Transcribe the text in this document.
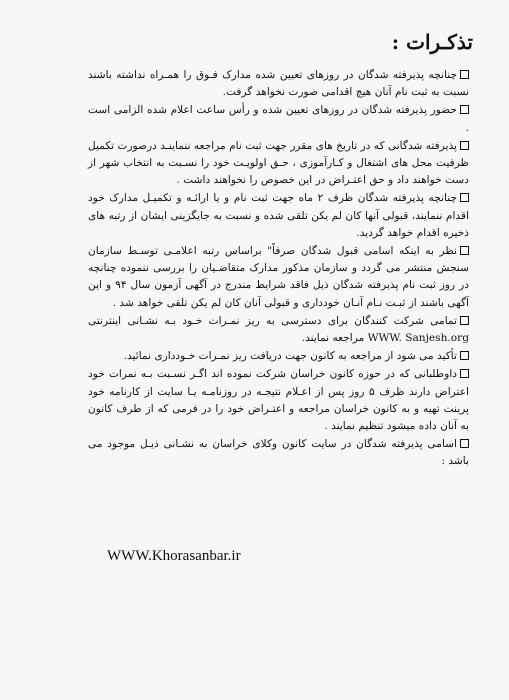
تذکـرات :

چنانچه پذیرفته شدگان در روزهای تعیین شده مدارک فـوق را همـراه نداشته باشند نسبت به ثبت نام آنان هیچ اقدامی صورت نخواهد گرفت.

حضور پذیرفته شدگان در روزهای تعیین شده و رأس ساعت اعلام شده الزامی است .

پذیرفته شدگانی که در تاریخ های مقرر جهت ثبت نام مراجعه ننماینـد درصورت تکمیل ظرفیت محل های اشتغال و کـارآموزی ، حـق اولویـت خود را نسـبت به انتخاب شهر از دست خواهند داد و حق اعتـراض در این خصوص را نخواهند داشت .

چنانچه پذیرفته شدگان ظرف ۲ ماه جهت ثبت نام و یا ارائـه و تکمیـل مدارک خود اقدام ننمایند، قبولی آنها کان لم یکن تلقی شده و نسبت به جایگزینی ایشان از رتبه های ذخیره اقدام خواهد گردید.

نظر به اینکه اسامی قبول شدگان صرفاً" براساس رتبه اعلامـی توسـط سازمان سنجش منتشر می گردد و سازمان مذکور مدارک متقاضـیان را بررسی ننموده چنانچه در روز ثبت نام پذیرفته شدگان ذیل فاقد شرایط مندرج در آگهی آزمون سال ۹۴ و این آگهی باشند از ثبـت نـام آنـان خودداری و قبولی آنان کان لم یکن تلقی خواهد شد .

تمامی شرکت کنندگان برای دسترسی به ریز نمـرات خـود بـه نشـانی اینترنتی WWW. Sanjesh.org مراجعه نمایند.

تأکید می شود از مراجعه به کانون جهت دریافت ریز نمـرات خـودداری نمائید.

داوطلبانی که در حوزه کانون خراسان شرکت نموده اند اگـر نسـبت بـه نمرات خود اعتراض دارند ظرف ۵ روز پس از اعـلام نتیجـه در روزنامـه یـا سایت از کارنامه خود پرینت تهیه و به کانون خراسان مراجعه و اعتـراض خود را در فرمی که از طرف کانون به آنان داده میشود تنظیم نمایند .

اسامی پذیرفته شدگان در سایت کانون وکلای خراسان به نشـانی ذیـل موجود می باشد :

WWW.Khorasanbar.ir
